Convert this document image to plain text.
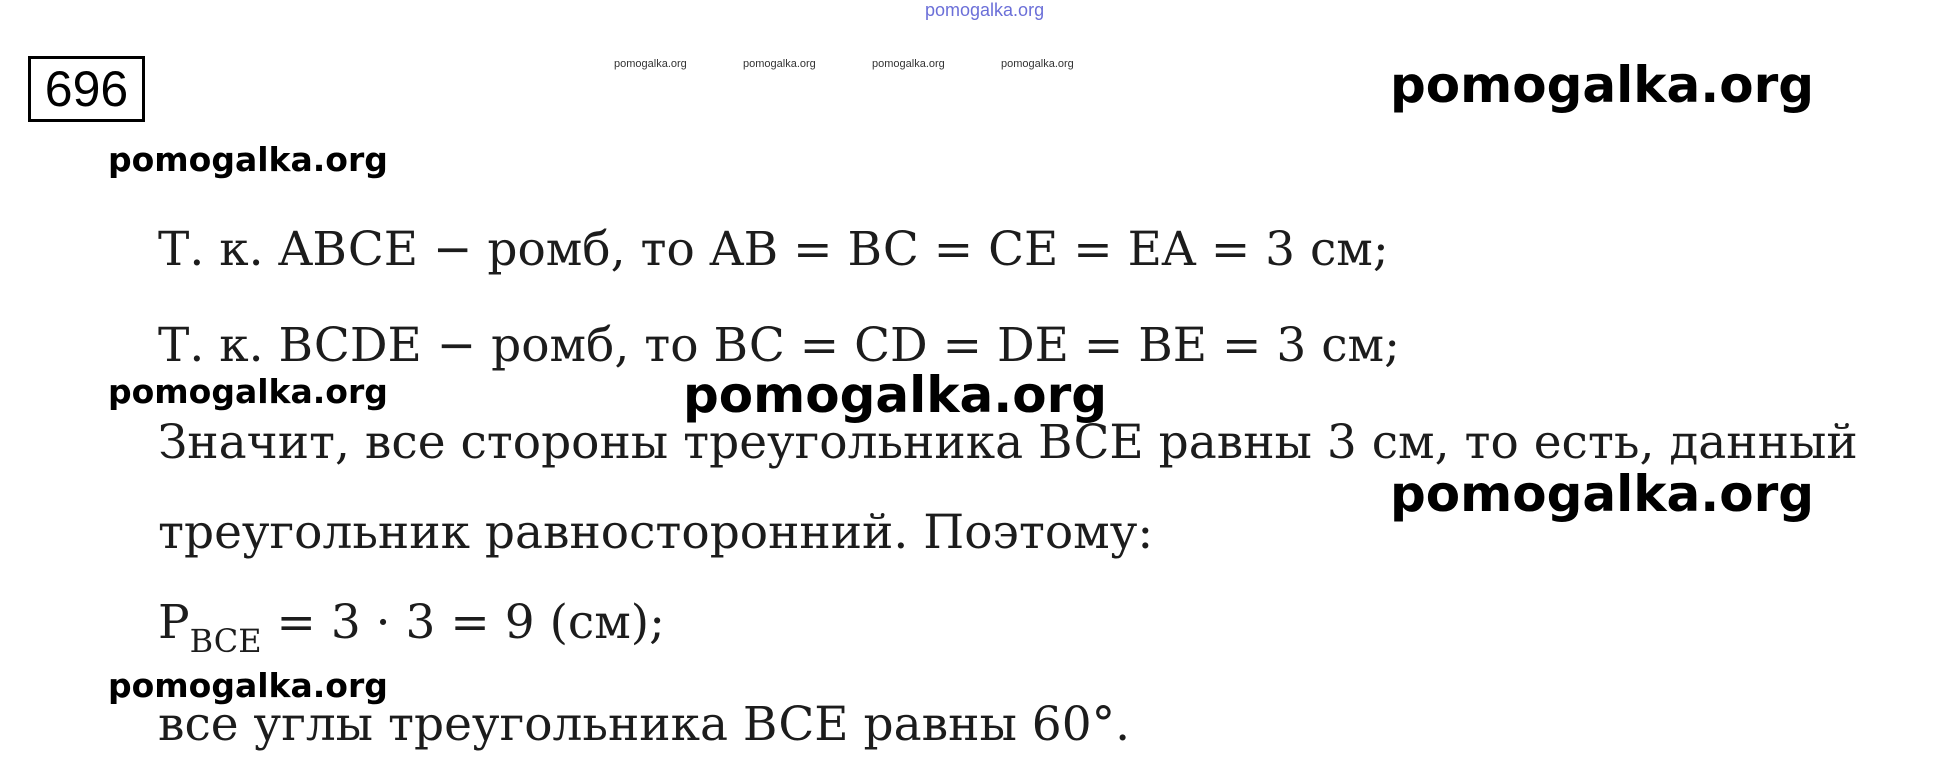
pomogalka.org
696	pomogalka.org	pomogalka.org	pomogalka.org	pomogalka.org	pomogalka.org
pomogalka.org
Т. к. ABCE − ромб, то AB = BC = CE = EA = 3 см;
Т. к. BCDE − ромб, то BC = CD = DE = BE = 3 см;
pomogalka.org	pomogalka.org
Значит, все стороны треугольника BCE равны 3 см, то есть, данный
pomogalka.org
треугольник равносторонний. Поэтому:
$P_{BCE} = 3 \cdot 3 = 9$ (см);
pomogalka.org
все углы треугольника BCE равны 60°.
